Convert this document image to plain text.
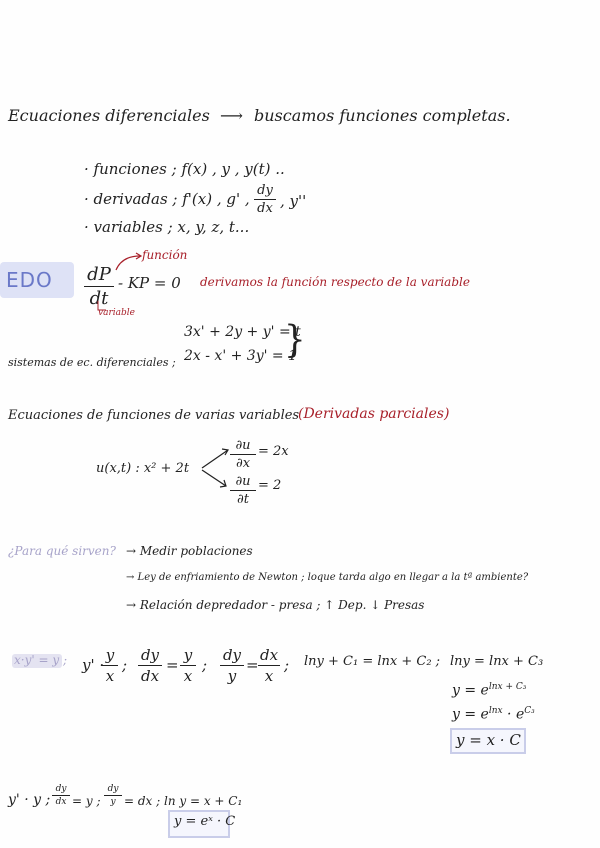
Ecuaciones diferenciales ⟶ buscamos funciones completas.
· funciones ; f(x) , y , y(t) ..
· derivadas ; f'(x) , g' , dy
dx , y''
· variables ; x, y, z, t...
EDO
función
dP
dt
- KP = 0 derivamos la función respecto de la variable
variable
3x' + 2y + y' = t
2x - x' + 3y' = 1
}
sistemas de ec. diferenciales ;
Ecuaciones de funciones de varias variables
(Derivadas parciales)
u(x,t) : x² + 2t
∂u
∂x
= 2x
∂u
∂t
= 2
¿Para qué sirven? → Medir poblaciones
→ Ley de enfriamiento de Newton ; loque tarda algo en llegar a la tª ambiente?
→ Relación depredador - presa ; ↑ Dep. ↓ Presas
x·y' = y ; y' ·
y
x
;
dy
dx
=
y
x
;
dy
y
=
dx
x
; lny + C₁ = lnx + C₂ ; lny = lnx + C₃
$y = e^{lnx + C_3}$
$y = e^{lnx} \cdot e^{C_3}$
y = x · C
y' · y ;
dy
dx = y ;
dy
y = dx ; ln y = x + C₁
y = eˣ · C
